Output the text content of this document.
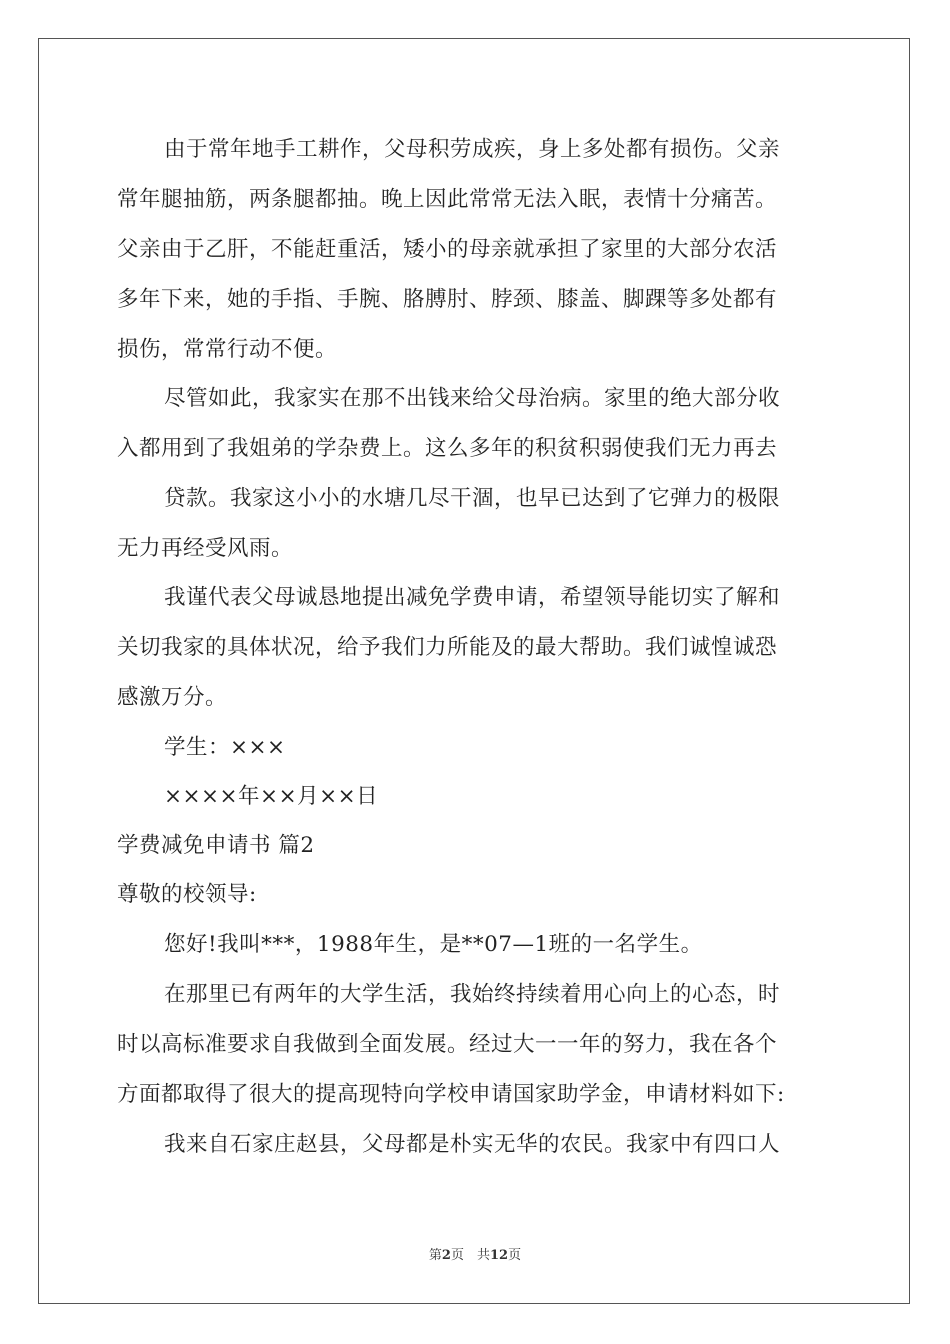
由于常年地手工耕作，父母积劳成疾，身上多处都有损伤。父亲
常年腿抽筋，两条腿都抽。晚上因此常常无法入眠，表情十分痛苦。
父亲由于乙肝，不能赶重活，矮小的母亲就承担了家里的大部分农活
多年下来，她的手指、手腕、胳膊肘、脖颈、膝盖、脚踝等多处都有
损伤，常常行动不便。
尽管如此，我家实在那不出钱来给父母治病。家里的绝大部分收
入都用到了我姐弟的学杂费上。这么多年的积贫积弱使我们无力再去
贷款。我家这小小的水塘几尽干涸，也早已达到了它弹力的极限
无力再经受风雨。
我谨代表父母诚恳地提出减免学费申请，希望领导能切实了解和
关切我家的具体状况，给予我们力所能及的最大帮助。我们诚惶诚恐
感激万分。
学生：×××
××××年××月××日
学费减免申请书 篇2
尊敬的校领导:
您好!我叫***，1988年生，是**07—1班的一名学生。
在那里已有两年的大学生活，我始终持续着用心向上的心态，时
时以高标准要求自我做到全面发展。经过大一一年的努力，我在各个
方面都取得了很大的提高现特向学校申请国家助学金，申请材料如下:
我来自石家庄赵县，父母都是朴实无华的农民。我家中有四口人
第2页　共12页
